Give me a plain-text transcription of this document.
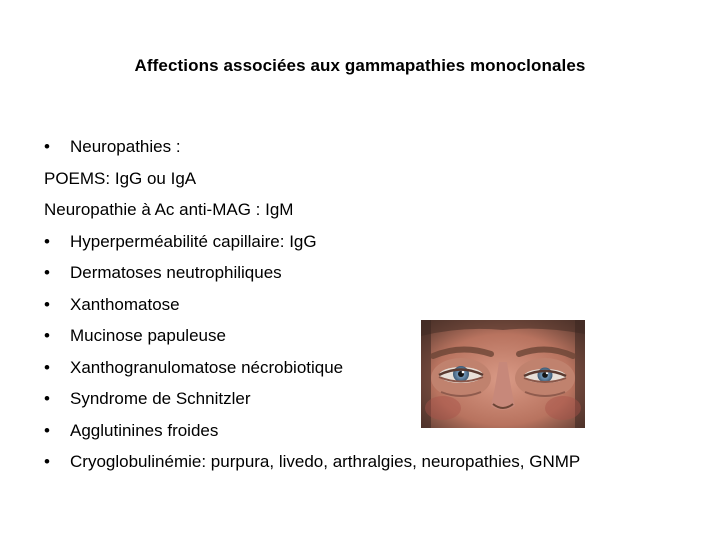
Affections associées aux gammapathies monoclonales
• Neuropathies :
POEMS: IgG ou IgA
Neuropathie à Ac anti-MAG : IgM
• Hyperperméabilité capillaire: IgG
• Dermatoses neutrophiliques
• Xanthomatose
• Mucinose papuleuse
• Xanthogranulomatose nécrobiotique
• Syndrome de Schnitzler
• Agglutinines froides
• Cryoglobulinémie: purpura, livedo, arthralgies, neuropathies, GNMP
